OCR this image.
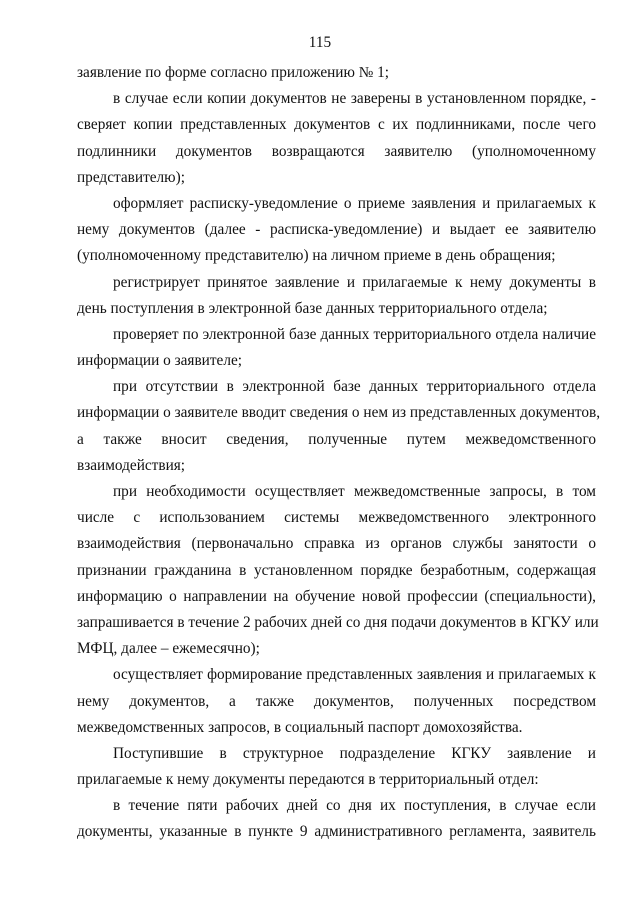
115
заявление по форме согласно приложению № 1;
в случае если копии документов не заверены в установленном порядке, -
сверяет копии представленных документов с их подлинниками, после чего
подлинники документов возвращаются заявителю (уполномоченному
представителю);
оформляет расписку-уведомление о приеме заявления и прилагаемых к
нему документов (далее - расписка-уведомление) и выдает ее заявителю
(уполномоченному представителю) на личном приеме в день обращения;
регистрирует принятое заявление и прилагаемые к нему документы в
день поступления в электронной базе данных территориального отдела;
проверяет по электронной базе данных территориального отдела наличие
информации о заявителе;
при отсутствии в электронной базе данных территориального отдела
информации о заявителе вводит сведения о нем из представленных документов,
а также вносит сведения, полученные путем межведомственного
взаимодействия;
при необходимости осуществляет межведомственные запросы, в том
числе с использованием системы межведомственного электронного
взаимодействия (первоначально справка из органов службы занятости о
признании гражданина в установленном порядке безработным, содержащая
информацию о направлении на обучение новой профессии (специальности),
запрашивается в течение 2 рабочих дней со дня подачи документов в КГКУ или
МФЦ, далее – ежемесячно);
осуществляет формирование представленных заявления и прилагаемых к
нему документов, а также документов, полученных посредством
межведомственных запросов, в социальный паспорт домохозяйства.
Поступившие в структурное подразделение КГКУ заявление и
прилагаемые к нему документы передаются в территориальный отдел:
в течение пяти рабочих дней со дня их поступления, в случае если
документы, указанные в пункте 9 административного регламента, заявитель
